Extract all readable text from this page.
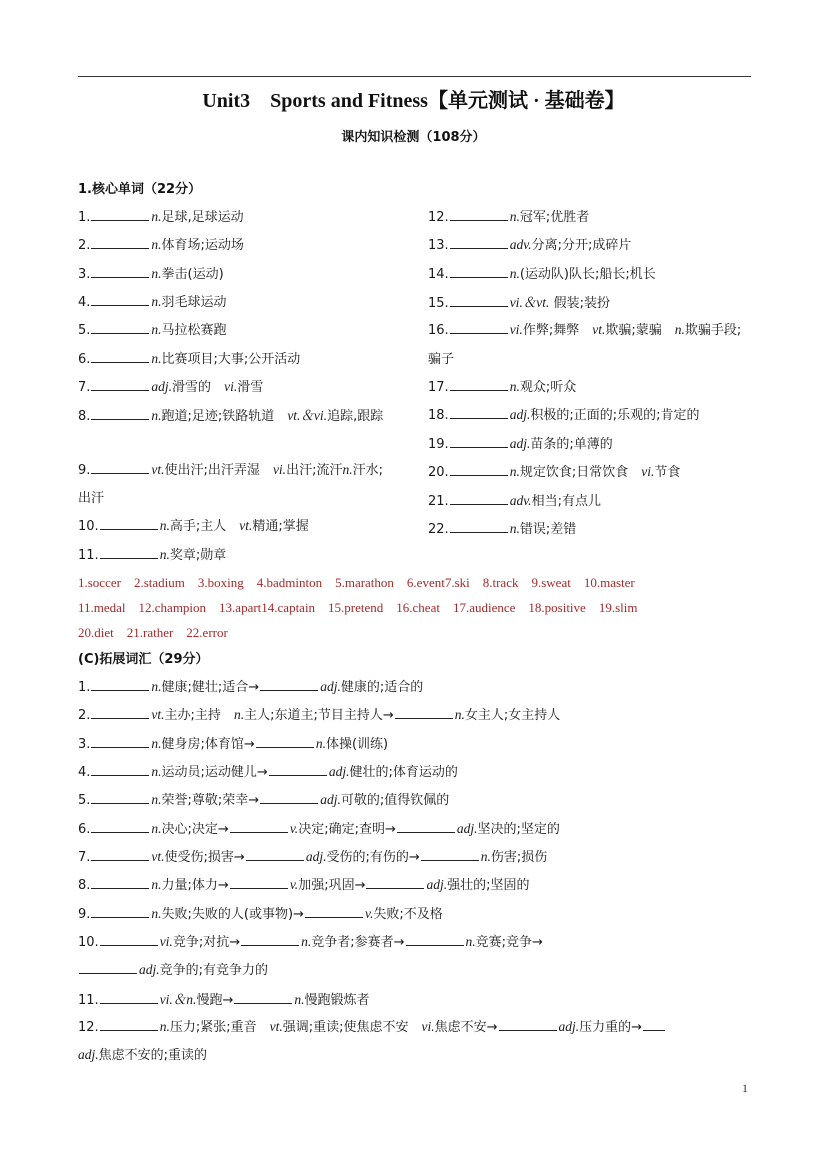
Unit3　Sports and Fitness【单元测试 · 基础卷】
课内知识检测（108分）
1.核心单词（22分）
1.	n.足球,足球运动
2.	n.体育场;运动场
3.	n.拳击(运动)
4.	n.羽毛球运动
5.	n.马拉松赛跑
6.	n.比赛项目;大事;公开活动
7.	adj.滑雪的　 vi.滑雪
8.	n.跑道;足迹;铁路轨道　 vt.＆vi.追踪,跟踪
9.	vt.使出汗;出汗弄湿　 vi.出汗;流汗n.汗水;
出汗
10.	n.高手;主人　 vt.精通;掌握
11.	n.奖章;勋章
12.	n.冠军;优胜者
13.	adv.分离;分开;成碎片
14.	n.(运动队)队长;船长;机长
15.	vi.＆vt. 假装;装扮
16.	vi.作弊;舞弊　 vt.欺骗;蒙骗　 n.欺骗手段;
骗子
17.	n.观众;听众
18.	adj.积极的;正面的;乐观的;肯定的
19.	adj.苗条的;单薄的
20.	n.规定饮食;日常饮食　 vi.节食
21.	adv.相当;有点儿
22.	n.错误;差错
1.soccer　2.stadium　3.boxing　4.badminton　5.marathon　6.event7.ski　8.track　9.sweat　10.master
11.medal　12.champion　13.apart14.captain　15.pretend　16.cheat　17.audience　18.positive　19.slim
20.diet　21.rather　22.error
(C)拓展词汇（29分）
1.	n.健康;健壮;适合→	adj.健康的;适合的
2.	vt.主办;主持　 n.主人;东道主;节目主持人→	n.女主人;女主持人
3.	n.健身房;体育馆→	n.体操(训练)
4.	n.运动员;运动健儿→	adj.健壮的;体育运动的
5.	n.荣誉;尊敬;荣幸→	adj.可敬的;值得钦佩的
6.	n.决心;决定→	v.决定;确定;查明→	adj.坚决的;坚定的
7.	vt.使受伤;损害→	adj.受伤的;有伤的→	n.伤害;损伤
8.	n.力量;体力→	v.加强;巩固→	adj.强壮的;坚固的
9.	n.失败;失败的人(或事物)→	v.失败;不及格
10.	vi.竞争;对抗→	n.竞争者;参赛者→	n.竞赛;竞争→
adj.竞争的;有竞争力的
11.	vi.＆n.慢跑→	n.慢跑锻炼者
12.	n.压力;紧张;重音　 vt.强调;重读;使焦虑不安　 vi.焦虑不安→	adj.压力重的→
adj.焦虑不安的;重读的
1
